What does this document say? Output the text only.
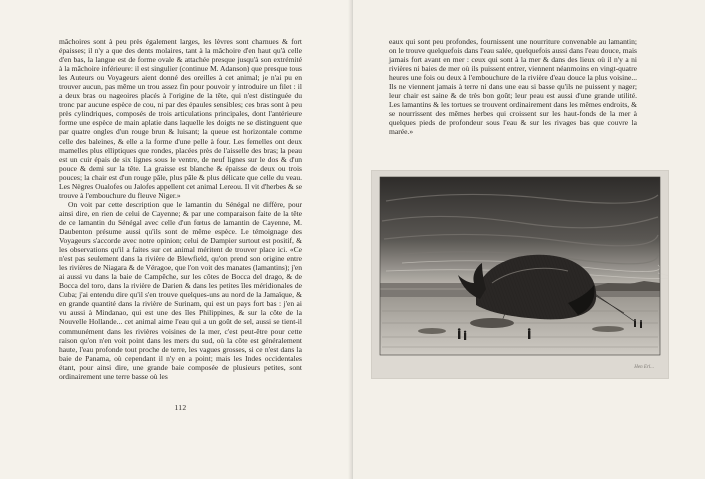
mâchoires sont à peu près également larges, les lèvres sont charnues & fort épaisses; il n'y a que des dents molaires, tant à la mâchoire d'en haut qu'à celle d'en bas, la langue est de forme ovale & attachée presque jusqu'à son extrémité à la mâchoire inférieure: il est singulier (continue M. Adanson) que presque tous les Auteurs ou Voyageurs aient donné des oreilles à cet animal; je n'ai pu en trouver aucun, pas même un trou assez fin pour pouvoir y introduire un filet : il a deux bras ou nageoires placés à l'origine de la tête, qui n'est distinguée du tronc par aucune espèce de cou, ni par des épaules sensibles; ces bras sont à peu près cylindriques, composés de trois articulations principales, dont l'antérieure forme une espèce de main aplatie dans laquelle les doigts ne se distinguent que par quatre ongles d'un rouge brun & luisant; la queue est horizontale comme celle des baleines, & elle a la forme d'une pelle à four. Les femelles ont deux mamelles plus elliptiques que rondes, placées près de l'aisselle des bras; la peau est un cuir épais de six lignes sous le ventre, de neuf lignes sur le dos & d'un pouce & demi sur la tête. La graisse est blanche & épaisse de deux ou trois pouces; la chair est d'un rouge pâle, plus pâle & plus délicate que celle du veau. Les Nègres Oualofes ou Jalofes appellent cet animal Lereou. Il vit d'herbes & se trouve à l'embouchure du fleuve Niger.»

On voit par cette description que le lamantin du Sénégal ne diffère, pour ainsi dire, en rien de celui de Cayenne; & par une comparaison faite de la tête de ce lamantin du Sénégal avec celle d'un fœtus de lamantin de Cayenne, M. Daubenton présume aussi qu'ils sont de même espèce. Le témoignage des Voyageurs s'accorde avec notre opinion; celui de Dampier surtout est positif, & les observations qu'il a faites sur cet animal méritent de trouver place ici. «Ce n'est pas seulement dans la rivière de Blewfield, qu'on prend son origine entre les rivières de Niagara & de Véragoe, que l'on voit des manates (lamantins); j'en ai aussi vu dans la baie de Campêche, sur les côtes de Bocca del drago, & de Bocca del toro, dans la rivière de Darien & dans les petites îles méridionales de Cuba; j'ai entendu dire qu'il s'en trouve quelques-uns au nord de la Jamaïque, & en grande quantité dans la rivière de Surinam, qui est un pays fort bas : j'en ai vu aussi à Mindanao, qui est une des îles Philippines, & sur la côte de la Nouvelle Hollande... cet animal aime l'eau qui a un goût de sel, aussi se tient-il communément dans les rivières voisines de la mer, c'est peut-être pour cette raison qu'on n'en voit point dans les mers du sud, où la côte est généralement haute, l'eau profonde tout proche de terre, les vagues grosses, si ce n'est dans la baie de Panama, où cependant il n'y en a point; mais les Indes occidentales étant, pour ainsi dire, une grande baie composée de plusieurs petites, sont ordinairement une terre basse où les

112

eaux qui sont peu profondes, fournissent une nourriture convenable au lamantin; on le trouve quelquefois dans l'eau salée, quelquefois aussi dans l'eau douce, mais jamais fort avant en mer : ceux qui sont à la mer & dans des lieux où il n'y a ni rivières ni baies de mer où ils puissent entrer, viennent néanmoins en vingt-quatre heures une fois ou deux à l'embouchure de la rivière d'eau douce la plus voisine... Ils ne viennent jamais à terre ni dans une eau si basse qu'ils ne puissent y nager; leur chair est saine & de très bon goût; leur peau est aussi d'une grande utilité. Les lamantins & les tortues se trouvent ordinairement dans les mêmes endroits, & se nourrissent des mêmes herbes qui croissent sur les haut-fonds de la mer à quelques pieds de profondeur sous l'eau & sur les rivages bas que couvre la marée.»

Hen Erl...
